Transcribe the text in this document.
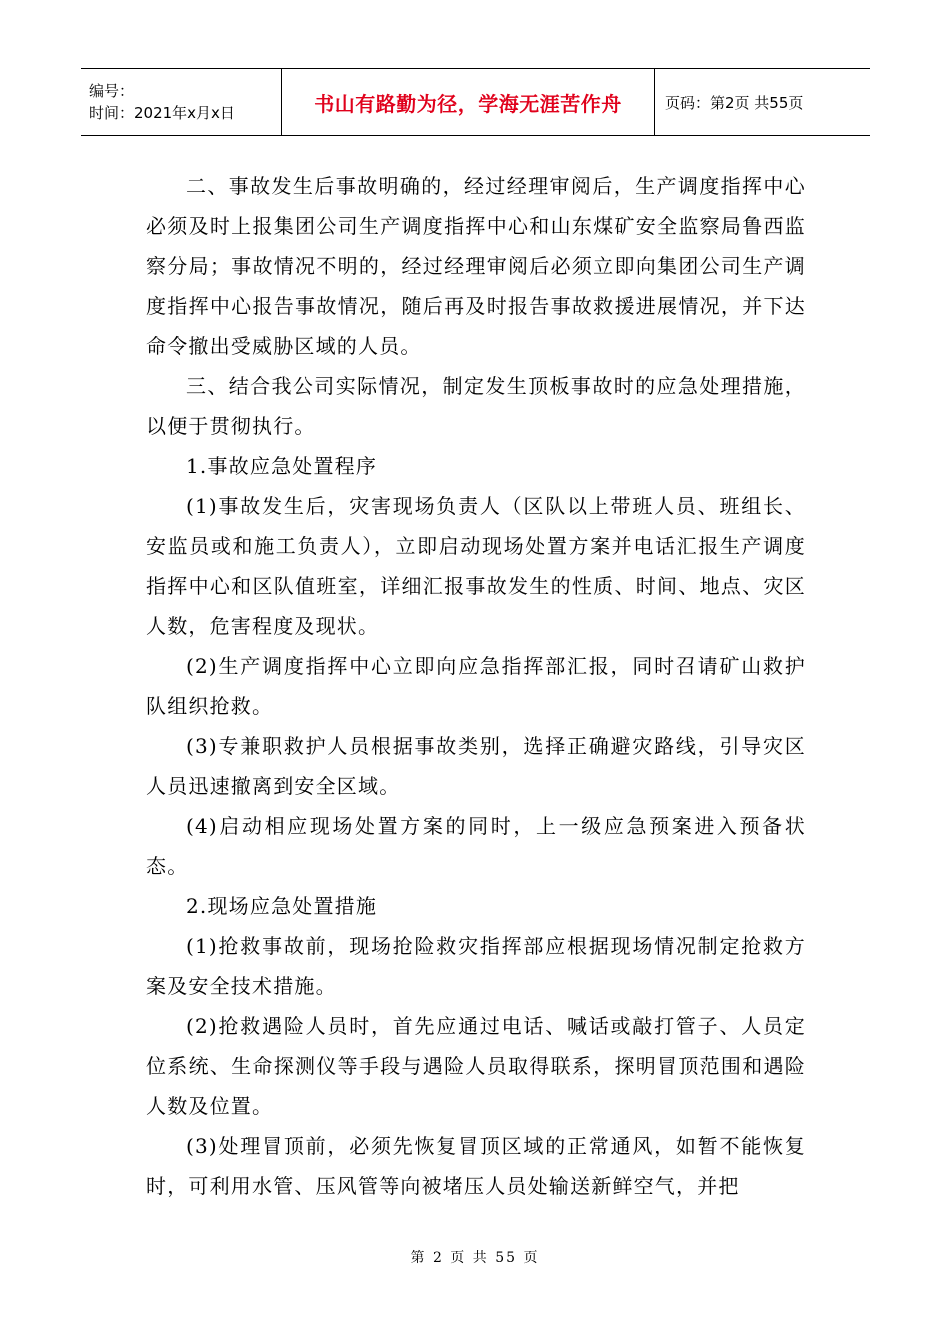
编号：
时间：2021年x月x日	书山有路勤为径，学海无涯苦作舟	页码：第2页 共55页

二、事故发生后事故明确的，经过经理审阅后，生产调度指挥中心必须及时上报集团公司生产调度指挥中心和山东煤矿安全监察局鲁西监察分局；事故情况不明的，经过经理审阅后必须立即向集团公司生产调度指挥中心报告事故情况，随后再及时报告事故救援进展情况，并下达命令撤出受威胁区域的人员。

三、结合我公司实际情况，制定发生顶板事故时的应急处理措施，以便于贯彻执行。

1.事故应急处置程序

(1)事故发生后，灾害现场负责人（区队以上带班人员、班组长、安监员或和施工负责人），立即启动现场处置方案并电话汇报生产调度指挥中心和区队值班室，详细汇报事故发生的性质、时间、地点、灾区人数，危害程度及现状。

(2)生产调度指挥中心立即向应急指挥部汇报，同时召请矿山救护队组织抢救。

(3)专兼职救护人员根据事故类别，选择正确避灾路线，引导灾区人员迅速撤离到安全区域。

(4)启动相应现场处置方案的同时，上一级应急预案进入预备状态。

2.现场应急处置措施

(1)抢救事故前，现场抢险救灾指挥部应根据现场情况制定抢救方案及安全技术措施。

(2)抢救遇险人员时，首先应通过电话、喊话或敲打管子、人员定位系统、生命探测仪等手段与遇险人员取得联系，探明冒顶范围和遇险人数及位置。

(3)处理冒顶前，必须先恢复冒顶区域的正常通风，如暂不能恢复时，可利用水管、压风管等向被堵压人员处输送新鲜空气，并把

第 2 页 共 55 页
